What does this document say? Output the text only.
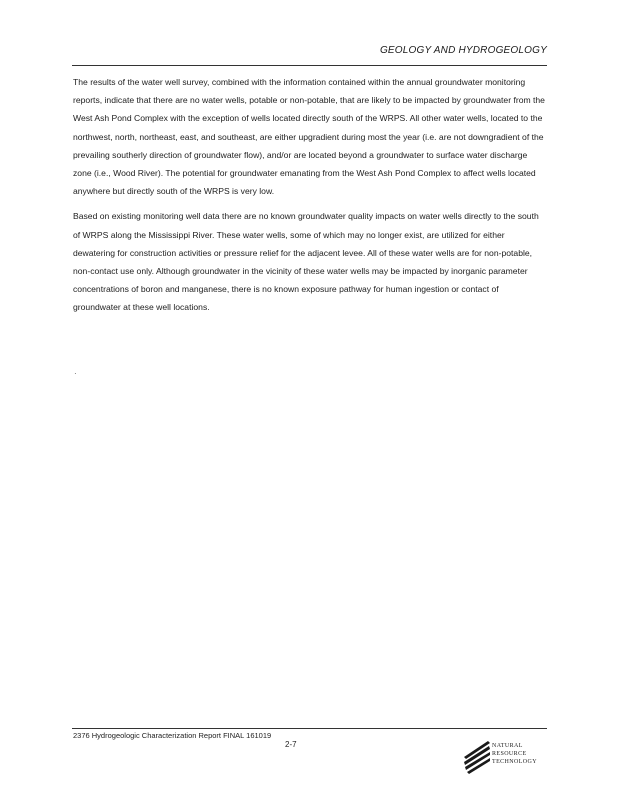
GEOLOGY AND HYDROGEOLOGY

The results of the water well survey, combined with the information contained within the annual groundwater monitoring reports, indicate that there are no water wells, potable or non-potable, that are likely to be impacted by groundwater from the West Ash Pond Complex with the exception of wells located directly south of the WRPS. All other water wells, located to the northwest, north, northeast, east, and southeast, are either upgradient during most the year (i.e. are not downgradient of the prevailing southerly direction of groundwater flow), and/or are located beyond a groundwater to surface water discharge zone (i.e., Wood River). The potential for groundwater emanating from the West Ash Pond Complex to affect wells located anywhere but directly south of the WRPS is very low.

Based on existing monitoring well data there are no known groundwater quality impacts on water wells directly to the south of WRPS along the Mississippi River. These water wells, some of which may no longer exist, are utilized for either dewatering for construction activities or pressure relief for the adjacent levee. All of these water wells are for non-potable, non-contact use only. Although groundwater in the vicinity of these water wells may be impacted by inorganic parameter concentrations of boron and manganese, there is no known exposure pathway for human ingestion or contact of groundwater at these well locations.

·
2376 Hydrogeologic Characterization Report FINAL 161019
2-7	NATURAL
RESOURCE
TECHNOLOGY
